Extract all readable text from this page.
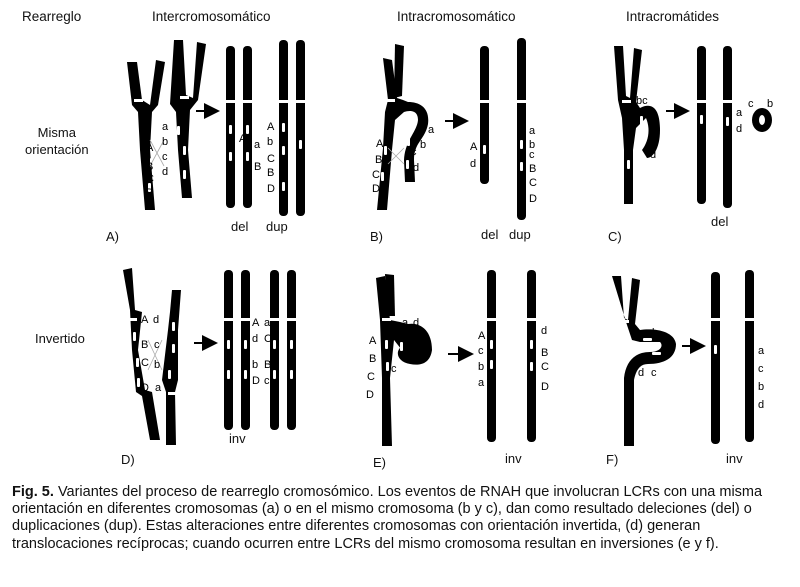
Rearreglo	Intercromosomático	Intracromosomático	Intracromátides
Misma
orientación
Invertido
A)	B)	C)
D)	E)	F)
del dup
del dup
del
inv
inv	inv
A
B
C
D
a
b
c
d
A a
B
A
b
C
B
D
A
B
C
D
a
b
c
d
A
d
a
b
c
B
C
D
bc
c
d
a
d
c b
A
B
C
D
d
c
b
a
A
d
b
D
a
C
B
c
A
B
C
D
a d
b
c
A
c
b
a
d
B
C
D
a b
d c
a
c
b
d
Fig. 5. Variantes del proceso de rearreglo cromosómico. Los eventos de RNAH que involucran LCRs con una misma orientación en diferentes cromosomas (a) o en el mismo cromosoma (b y c), dan como resultado deleciones (del) o duplicaciones (dup). Estas alteraciones entre diferentes cromosomas con orientación invertida, (d) generan translocaciones recíprocas; cuando ocurren entre LCRs del mismo cromosoma resultan en inversiones (e y f).
